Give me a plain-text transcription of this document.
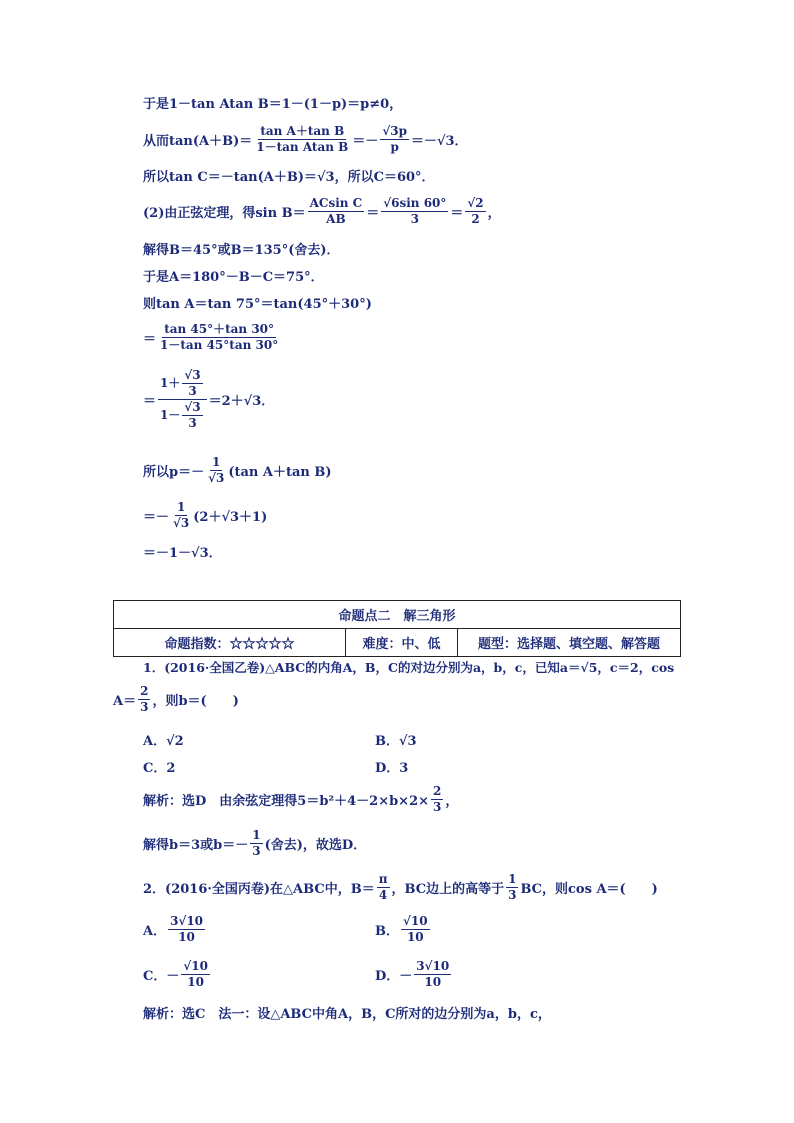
于是1－tan Atan B＝1－(1－p)＝p≠0，
从而$\tan(A+B)= \frac{\text{tan A＋tan B}}{\text{1－tan Atan B}} =- \frac{√3p}{p} =-√3$．
所以tan C＝－tan(A＋B)＝√3，所以C＝60°．
(2)由正弦定理，得$\sin B= \frac{\text{ACsin C}}{AB} = \frac{√6\sin 60^\circ}{3} = \frac{√2}{2}$ ，
解得B＝45°或B＝135°(舍去)．
于是A＝180°－B－C＝75°．
则tan A＝tan 75°＝tan(45°＋30°)
＝ $\frac{\tan 45^\circ+\tan 30^\circ}{1-\tan 45^\circ\tan 30^\circ}$
＝ $\frac{1+ \frac{√3}{3}}{1- \frac{√3}{3}} =2+√3$．
所以$p=- \frac{1}{√3} (\tan$ A＋tan B)
＝－ $\frac{1}{√3} (2+√3+1)$
＝－1－√3．
命题点二　解三角形
命题指数：☆☆☆☆☆	难度：中、低	题型：选择题、填空题、解答题
1．(2016·全国乙卷)△ABC的内角A，B，C的对边分别为a，b，c，已知a＝√5，c＝2，cos
$A= \frac{2}{3}$ ，则b＝(　　)
A．√2	B．√3
C．2	D．3
解析：选D　由余弦定理得$5=b^2+4-2\times b\times 2\times \frac{2}{3}$ ，
解得b＝3或$b=- \frac{1}{3}$ (舍去)，故选D．
2．(2016·全国丙卷)在△ABC中，$B= \frac{\pi}{4}$ ，BC边上的高等于 $\frac{1}{3}$ BC，则cos A＝(　　)
A． $\frac{3√10}{10}$	B． $\frac{√10}{10}$
C．－ $\frac{√10}{10}$	D．－ $\frac{3√10}{10}$
解析：选C　法一：设△ABC中角A，B，C所对的边分别为a，b，c，
